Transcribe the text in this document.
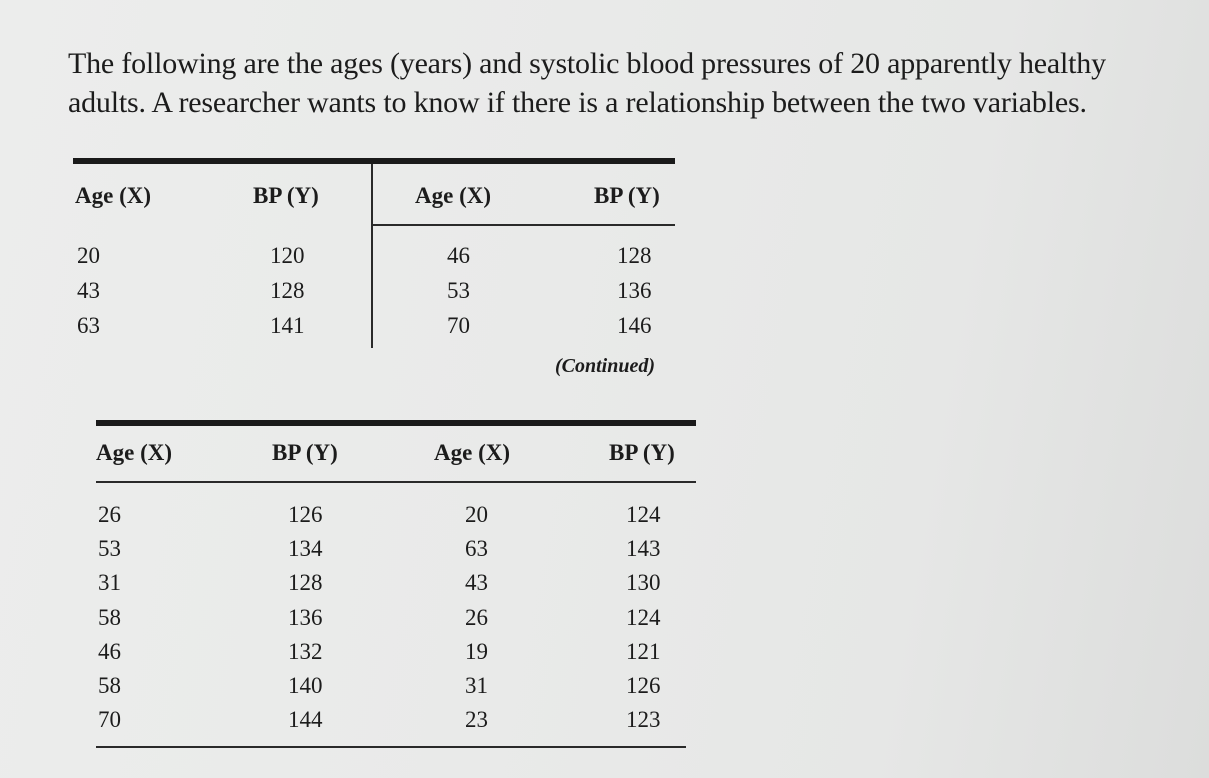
The following are the ages (years) and systolic blood pressures of 20 apparently healthy adults. A researcher wants to know if there is a relationship between the two variables.

Age (X)	BP (Y)	Age (X)	BP (Y)
20	120	46	128
43	128	53	136
63	141	70	146
(Continued)
Age (X)	BP (Y)	Age (X)	BP (Y)
26	126	20	124
53	134	63	143
31	128	43	130
58	136	26	124
46	132	19	121
58	140	31	126
70	144	23	123
